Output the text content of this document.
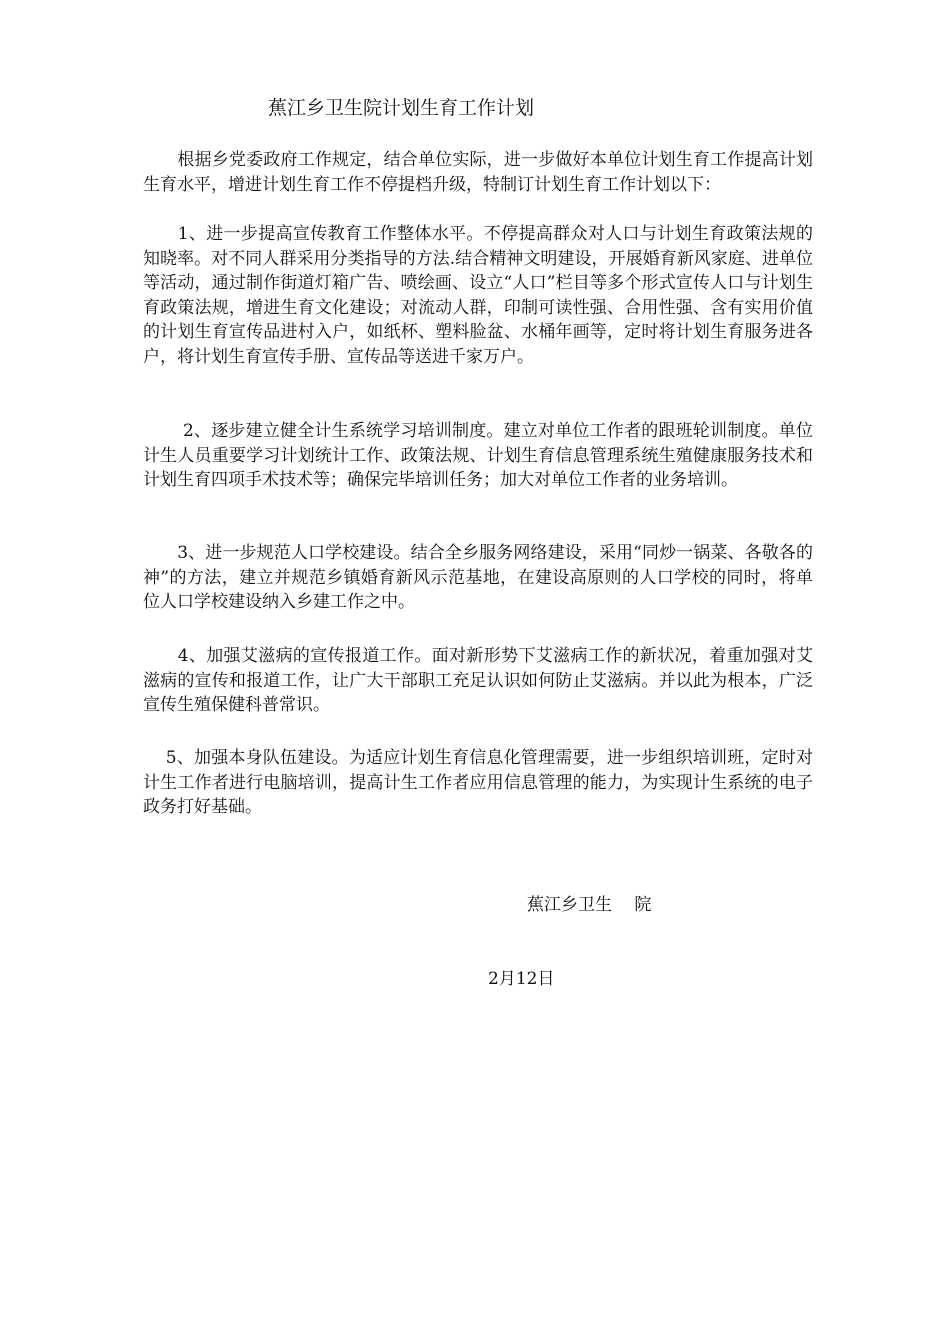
蕉江乡卫生院计划生育工作计划
　　根据乡党委政府工作规定，结合单位实际，进一步做好本单位计划生育工作提高计划生育水平，增进计划生育工作不停提档升级，特制订计划生育工作计划以下：
　　1、进一步提高宣传教育工作整体水平。不停提高群众对人口与计划生育政策法规的知晓率。对不同人群采用分类指导的方法.结合精神文明建设，开展婚育新风家庭、进单位等活动，通过制作街道灯箱广告、喷绘画、设立“人口”栏目等多个形式宣传人口与计划生育政策法规，增进生育文化建设；对流动人群，印制可读性强、合用性强、含有实用价值的计划生育宣传品进村入户，如纸杯、塑料脸盆、水桶年画等，定时将计划生育服务进各户，将计划生育宣传手册、宣传品等送进千家万户。
　　 2、逐步建立健全计生系统学习培训制度。建立对单位工作者的跟班轮训制度。单位计生人员重要学习计划统计工作、政策法规、计划生育信息管理系统生殖健康服务技术和计划生育四项手术技术等；确保完毕培训任务；加大对单位工作者的业务培训。
　　3、进一步规范人口学校建设。结合全乡服务网络建设，采用“同炒一锅菜、各敬各的神”的方法，建立并规范乡镇婚育新风示范基地，在建设高原则的人口学校的同时，将单位人口学校建设纳入乡建工作之中。
　　4、加强艾滋病的宣传报道工作。面对新形势下艾滋病工作的新状况，着重加强对艾滋病的宣传和报道工作，让广大干部职工充足认识如何防止艾滋病。并以此为根本，广泛宣传生殖保健科普常识。
　 5、加强本身队伍建设。为适应计划生育信息化管理需要，进一步组织培训班，定时对计生工作者进行电脑培训，提高计生工作者应用信息管理的能力，为实现计生系统的电子政务打好基础。
蕉江乡卫生　 院
2月12日
